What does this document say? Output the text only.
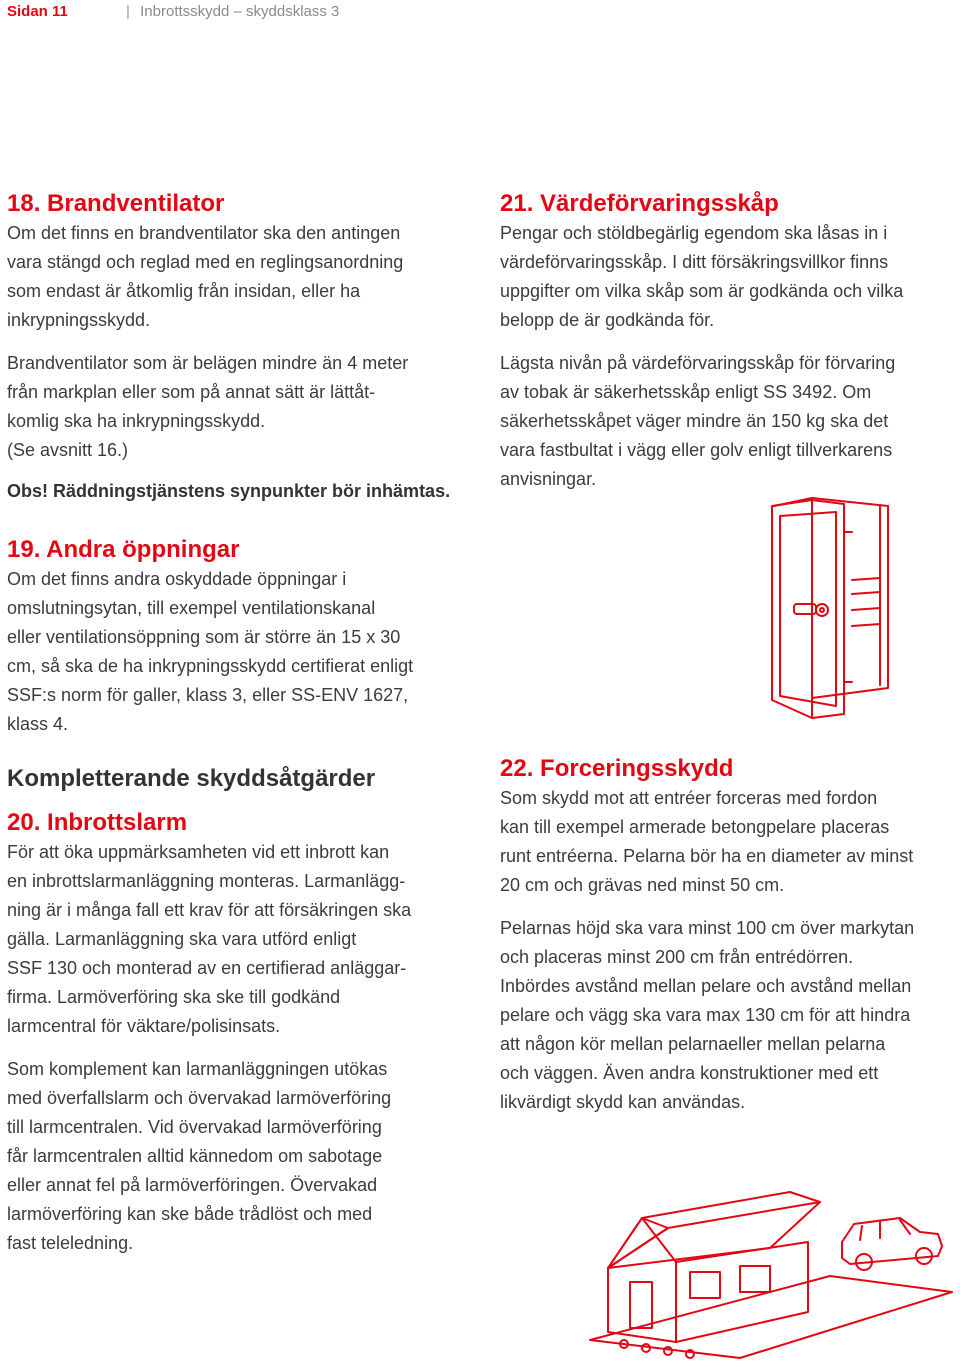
Sidan 11	| Inbrottsskydd – skyddsklass 3
18. Brandventilator

Om det finns en brandventilator ska den antingen
vara stängd och reglad med en reglingsanordning
som endast är åtkomlig från insidan, eller ha
inkrypningsskydd.

Brandventilator som är belägen mindre än 4 meter
från markplan eller som på annat sätt är lättåt-
komlig ska ha inkrypningsskydd.
(Se avsnitt 16.)

Obs! Räddningstjänstens synpunkter bör inhämtas.

19. Andra öppningar

Om det finns andra oskyddade öppningar i
omslutningsytan, till exempel ventilationskanal
eller ventilationsöppning som är större än 15 x 30
cm, så ska de ha inkrypningsskydd certifierat enligt
SSF:s norm för galler, klass 3, eller SS-ENV 1627,
klass 4.

Kompletterande skyddsåtgärder
20. Inbrottslarm

För att öka uppmärksamheten vid ett inbrott kan
en inbrottslarmanläggning monteras. Larmanlägg-
ning är i många fall ett krav för att försäkringen ska
gälla. Larmanläggning ska vara utförd enligt
SSF 130 och monterad av en certifierad anläggar-
firma. Larmöverföring ska ske till godkänd
larmcentral för väktare/polisinsats.

Som komplement kan larmanläggningen utökas
med överfallslarm och övervakad larmöverföring
till larmcentralen. Vid övervakad larmöverföring
får larmcentralen alltid kännedom om sabotage
eller annat fel på larmöverföringen. Övervakad
larmöverföring kan ske både trådlöst och med
fast teleledning.

21. Värdeförvaringsskåp

Pengar och stöldbegärlig egendom ska låsas in i
värdeförvaringsskåp. I ditt försäkringsvillkor finns
uppgifter om vilka skåp som är godkända och vilka
belopp de är godkända för.

Lägsta nivån på värdeförvaringsskåp för förvaring
av tobak är säkerhetsskåp enligt SS 3492. Om
säkerhetsskåpet väger mindre än 150 kg ska det
vara fastbultat i vägg eller golv enligt tillverkarens
anvisningar.

22. Forceringsskydd

Som skydd mot att entréer forceras med fordon
kan till exempel armerade betongpelare placeras
runt entréerna. Pelarna bör ha en diameter av minst
20 cm och grävas ned minst 50 cm.

Pelarnas höjd ska vara minst 100 cm över markytan
och placeras minst 200 cm från entrédörren.
Inbördes avstånd mellan pelare och avstånd mellan
pelare och vägg ska vara max 130 cm för att hindra
att någon kör mellan pelarnaeller mellan pelarna
och väggen. Även andra konstruktioner med ett
likvärdigt skydd kan användas.
